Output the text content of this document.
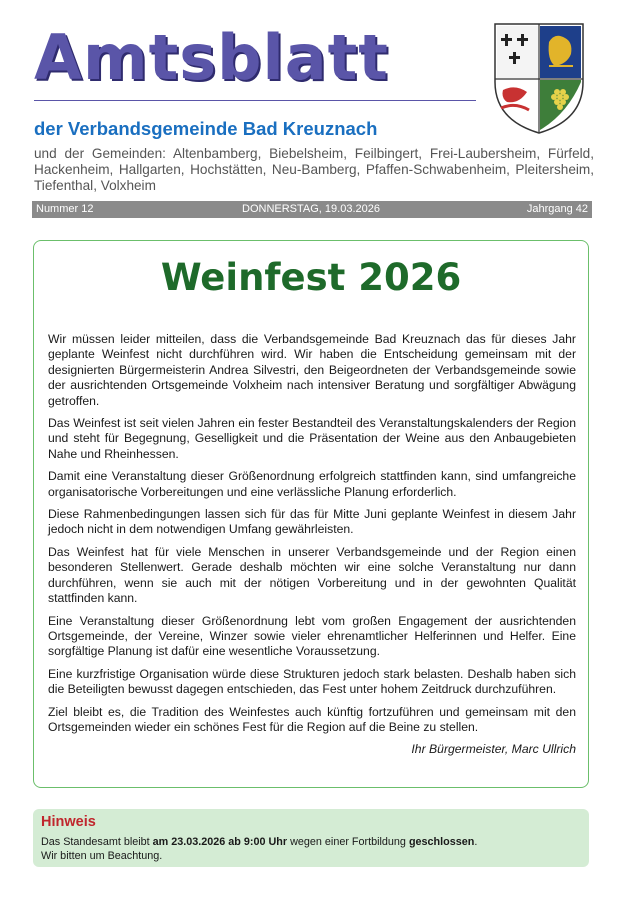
Amtsblatt
der Verbandsgemeinde Bad Kreuznach
und der Gemeinden: Altenbamberg, Biebelsheim, Feilbingert, Frei-Laubersheim, Fürfeld, Hackenheim, Hallgarten, Hochstätten, Neu-Bamberg, Pfaffen-Schwabenheim, Pleitersheim, Tiefenthal, Volxheim
Nummer 12	DONNERSTAG, 19.03.2026	Jahrgang 42
Weinfest 2026

Wir müssen leider mitteilen, dass die Verbandsgemeinde Bad Kreuznach das für dieses Jahr geplante Weinfest nicht durchführen wird. Wir haben die Entscheidung gemeinsam mit der designierten Bürgermeisterin Andrea Silvestri, den Beigeordneten der Verbandsgemeinde sowie der ausrichtenden Ortsgemeinde Volxheim nach intensiver Beratung und sorgfältiger Abwägung getroffen.

Das Weinfest ist seit vielen Jahren ein fester Bestandteil des Veranstaltungskalenders der Region und steht für Begegnung, Geselligkeit und die Präsentation der Weine aus den Anbaugebieten Nahe und Rheinhessen.

Damit eine Veranstaltung dieser Größenordnung erfolgreich stattfinden kann, sind umfangreiche organisatorische Vorbereitungen und eine verlässliche Planung erforderlich.

Diese Rahmenbedingungen lassen sich für das für Mitte Juni geplante Weinfest in diesem Jahr jedoch nicht in dem notwendigen Umfang gewährleisten.

Das Weinfest hat für viele Menschen in unserer Verbandsgemeinde und der Region einen besonderen Stellenwert. Gerade deshalb möchten wir eine solche Veranstaltung nur dann durchführen, wenn sie auch mit der nötigen Vorbereitung und in der gewohnten Qualität stattfinden kann.

Eine Veranstaltung dieser Größenordnung lebt vom großen Engagement der ausrichtenden Ortsgemeinde, der Vereine, Winzer sowie vieler ehrenamtlicher Helferinnen und Helfer. Eine sorgfältige Planung ist dafür eine wesentliche Voraussetzung.

Eine kurzfristige Organisation würde diese Strukturen jedoch stark belasten. Deshalb haben sich die Beteiligten bewusst dagegen entschieden, das Fest unter hohem Zeitdruck durchzuführen.

Ziel bleibt es, die Tradition des Weinfestes auch künftig fortzuführen und gemeinsam mit den Ortsgemeinden wieder ein schönes Fest für die Region auf die Beine zu stellen.

Ihr Bürgermeister, Marc Ullrich

Hinweis
Das Standesamt bleibt am 23.03.2026 ab 9:00 Uhr wegen einer Fortbildung geschlossen.
Wir bitten um Beachtung.
